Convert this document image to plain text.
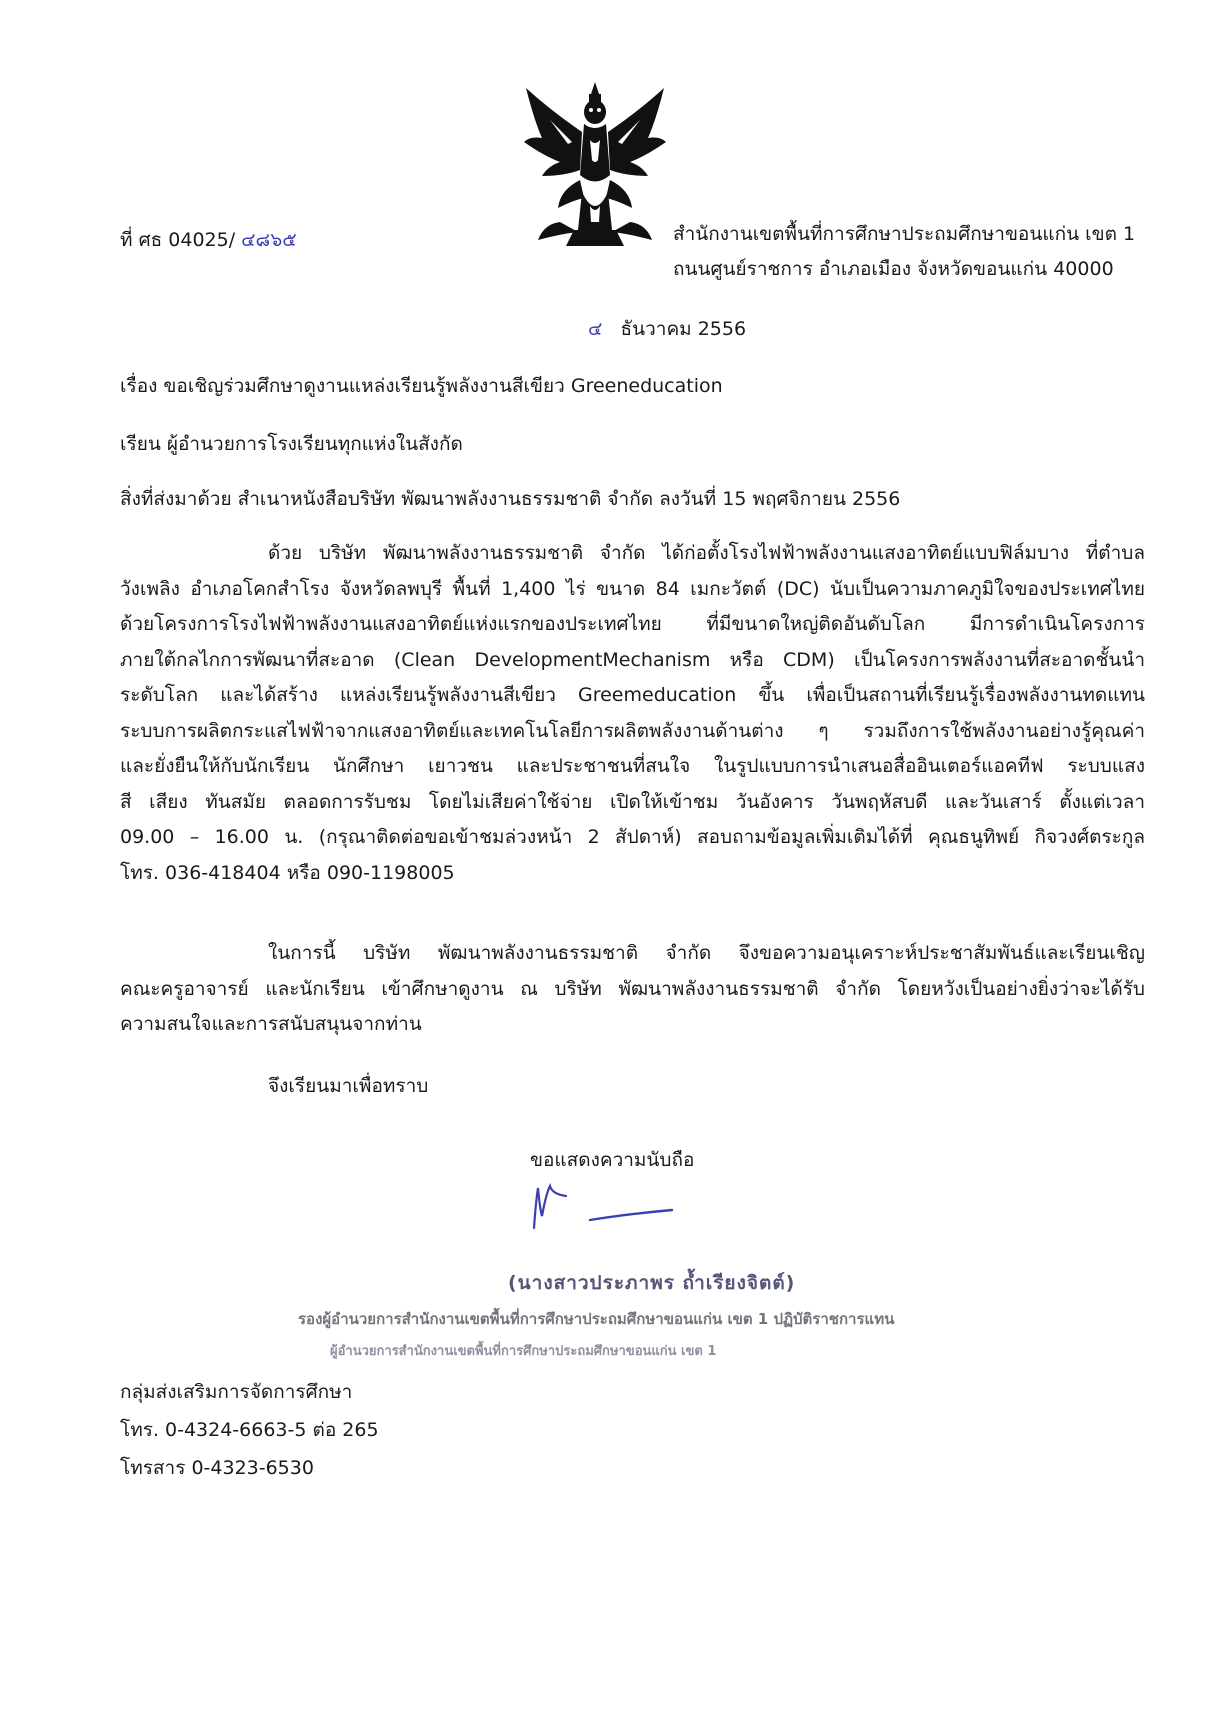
ที่ ศธ 04025/ ๔๘๖๕	สำนักงานเขตพื้นที่การศึกษาประถมศึกษาขอนแก่น เขต 1
ถนนศูนย์ราชการ อำเภอเมือง จังหวัดขอนแก่น 40000
๔ ธันวาคม 2556
เรื่อง ขอเชิญร่วมศึกษาดูงานแหล่งเรียนรู้พลังงานสีเขียว Greeneducation
เรียน ผู้อำนวยการโรงเรียนทุกแห่งในสังกัด
สิ่งที่ส่งมาด้วย สำเนาหนังสือบริษัท พัฒนาพลังงานธรรมชาติ จำกัด ลงวันที่ 15 พฤศจิกายน 2556
ด้วย บริษัท พัฒนาพลังงานธรรมชาติ จำกัด ได้ก่อตั้งโรงไฟฟ้าพลังงานแสงอาทิตย์แบบฟิล์มบาง ที่ตำบล
วังเพลิง อำเภอโคกสำโรง จังหวัดลพบุรี พื้นที่ 1,400 ไร่ ขนาด 84 เมกะวัตต์ (DC) นับเป็นความภาคภูมิใจของประเทศไทย
ด้วยโครงการโรงไฟฟ้าพลังงานแสงอาทิตย์แห่งแรกของประเทศไทย ที่มีขนาดใหญ่ติดอันดับโลก มีการดำเนินโครงการ
ภายใต้กลไกการพัฒนาที่สะอาด (Clean DevelopmentMechanism หรือ CDM) เป็นโครงการพลังงานที่สะอาดชั้นนำ
ระดับโลก และได้สร้าง แหล่งเรียนรู้พลังงานสีเขียว Greemeducation ขึ้น เพื่อเป็นสถานที่เรียนรู้เรื่องพลังงานทดแทน
ระบบการผลิตกระแสไฟฟ้าจากแสงอาทิตย์และเทคโนโลยีการผลิตพลังงานด้านต่าง ๆ รวมถึงการใช้พลังงานอย่างรู้คุณค่า
และยั่งยืนให้กับนักเรียน นักศึกษา เยาวชน และประชาชนที่สนใจ ในรูปแบบการนำเสนอสื่ออินเตอร์แอคทีฟ ระบบแสง
สี เสียง ทันสมัย ตลอดการรับชม โดยไม่เสียค่าใช้จ่าย เปิดให้เข้าชม วันอังคาร วันพฤหัสบดี และวันเสาร์ ตั้งแต่เวลา
09.00 – 16.00 น. (กรุณาติดต่อขอเข้าชมล่วงหน้า 2 สัปดาห์) สอบถามข้อมูลเพิ่มเติมได้ที่ คุณธนูทิพย์ กิจวงศ์ตระกูล
โทร. 036-418404 หรือ 090-1198005
ในการนี้ บริษัท พัฒนาพลังงานธรรมชาติ จำกัด จึงขอความอนุเคราะห์ประชาสัมพันธ์และเรียนเชิญ
คณะครูอาจารย์ และนักเรียน เข้าศึกษาดูงาน ณ บริษัท พัฒนาพลังงานธรรมชาติ จำกัด โดยหวังเป็นอย่างยิ่งว่าจะได้รับ
ความสนใจและการสนับสนุนจากท่าน
จึงเรียนมาเพื่อทราบ
ขอแสดงความนับถือ
(นางสาวประภาพร ถ้ำเรียงจิตต์)
รองผู้อำนวยการสำนักงานเขตพื้นที่การศึกษาประถมศึกษาขอนแก่น เขต 1 ปฏิบัติราชการแทน
ผู้อำนวยการสำนักงานเขตพื้นที่การศึกษาประถมศึกษาขอนแก่น เขต 1
กลุ่มส่งเสริมการจัดการศึกษา
โทร. 0-4324-6663-5 ต่อ 265
โทรสาร 0-4323-6530
